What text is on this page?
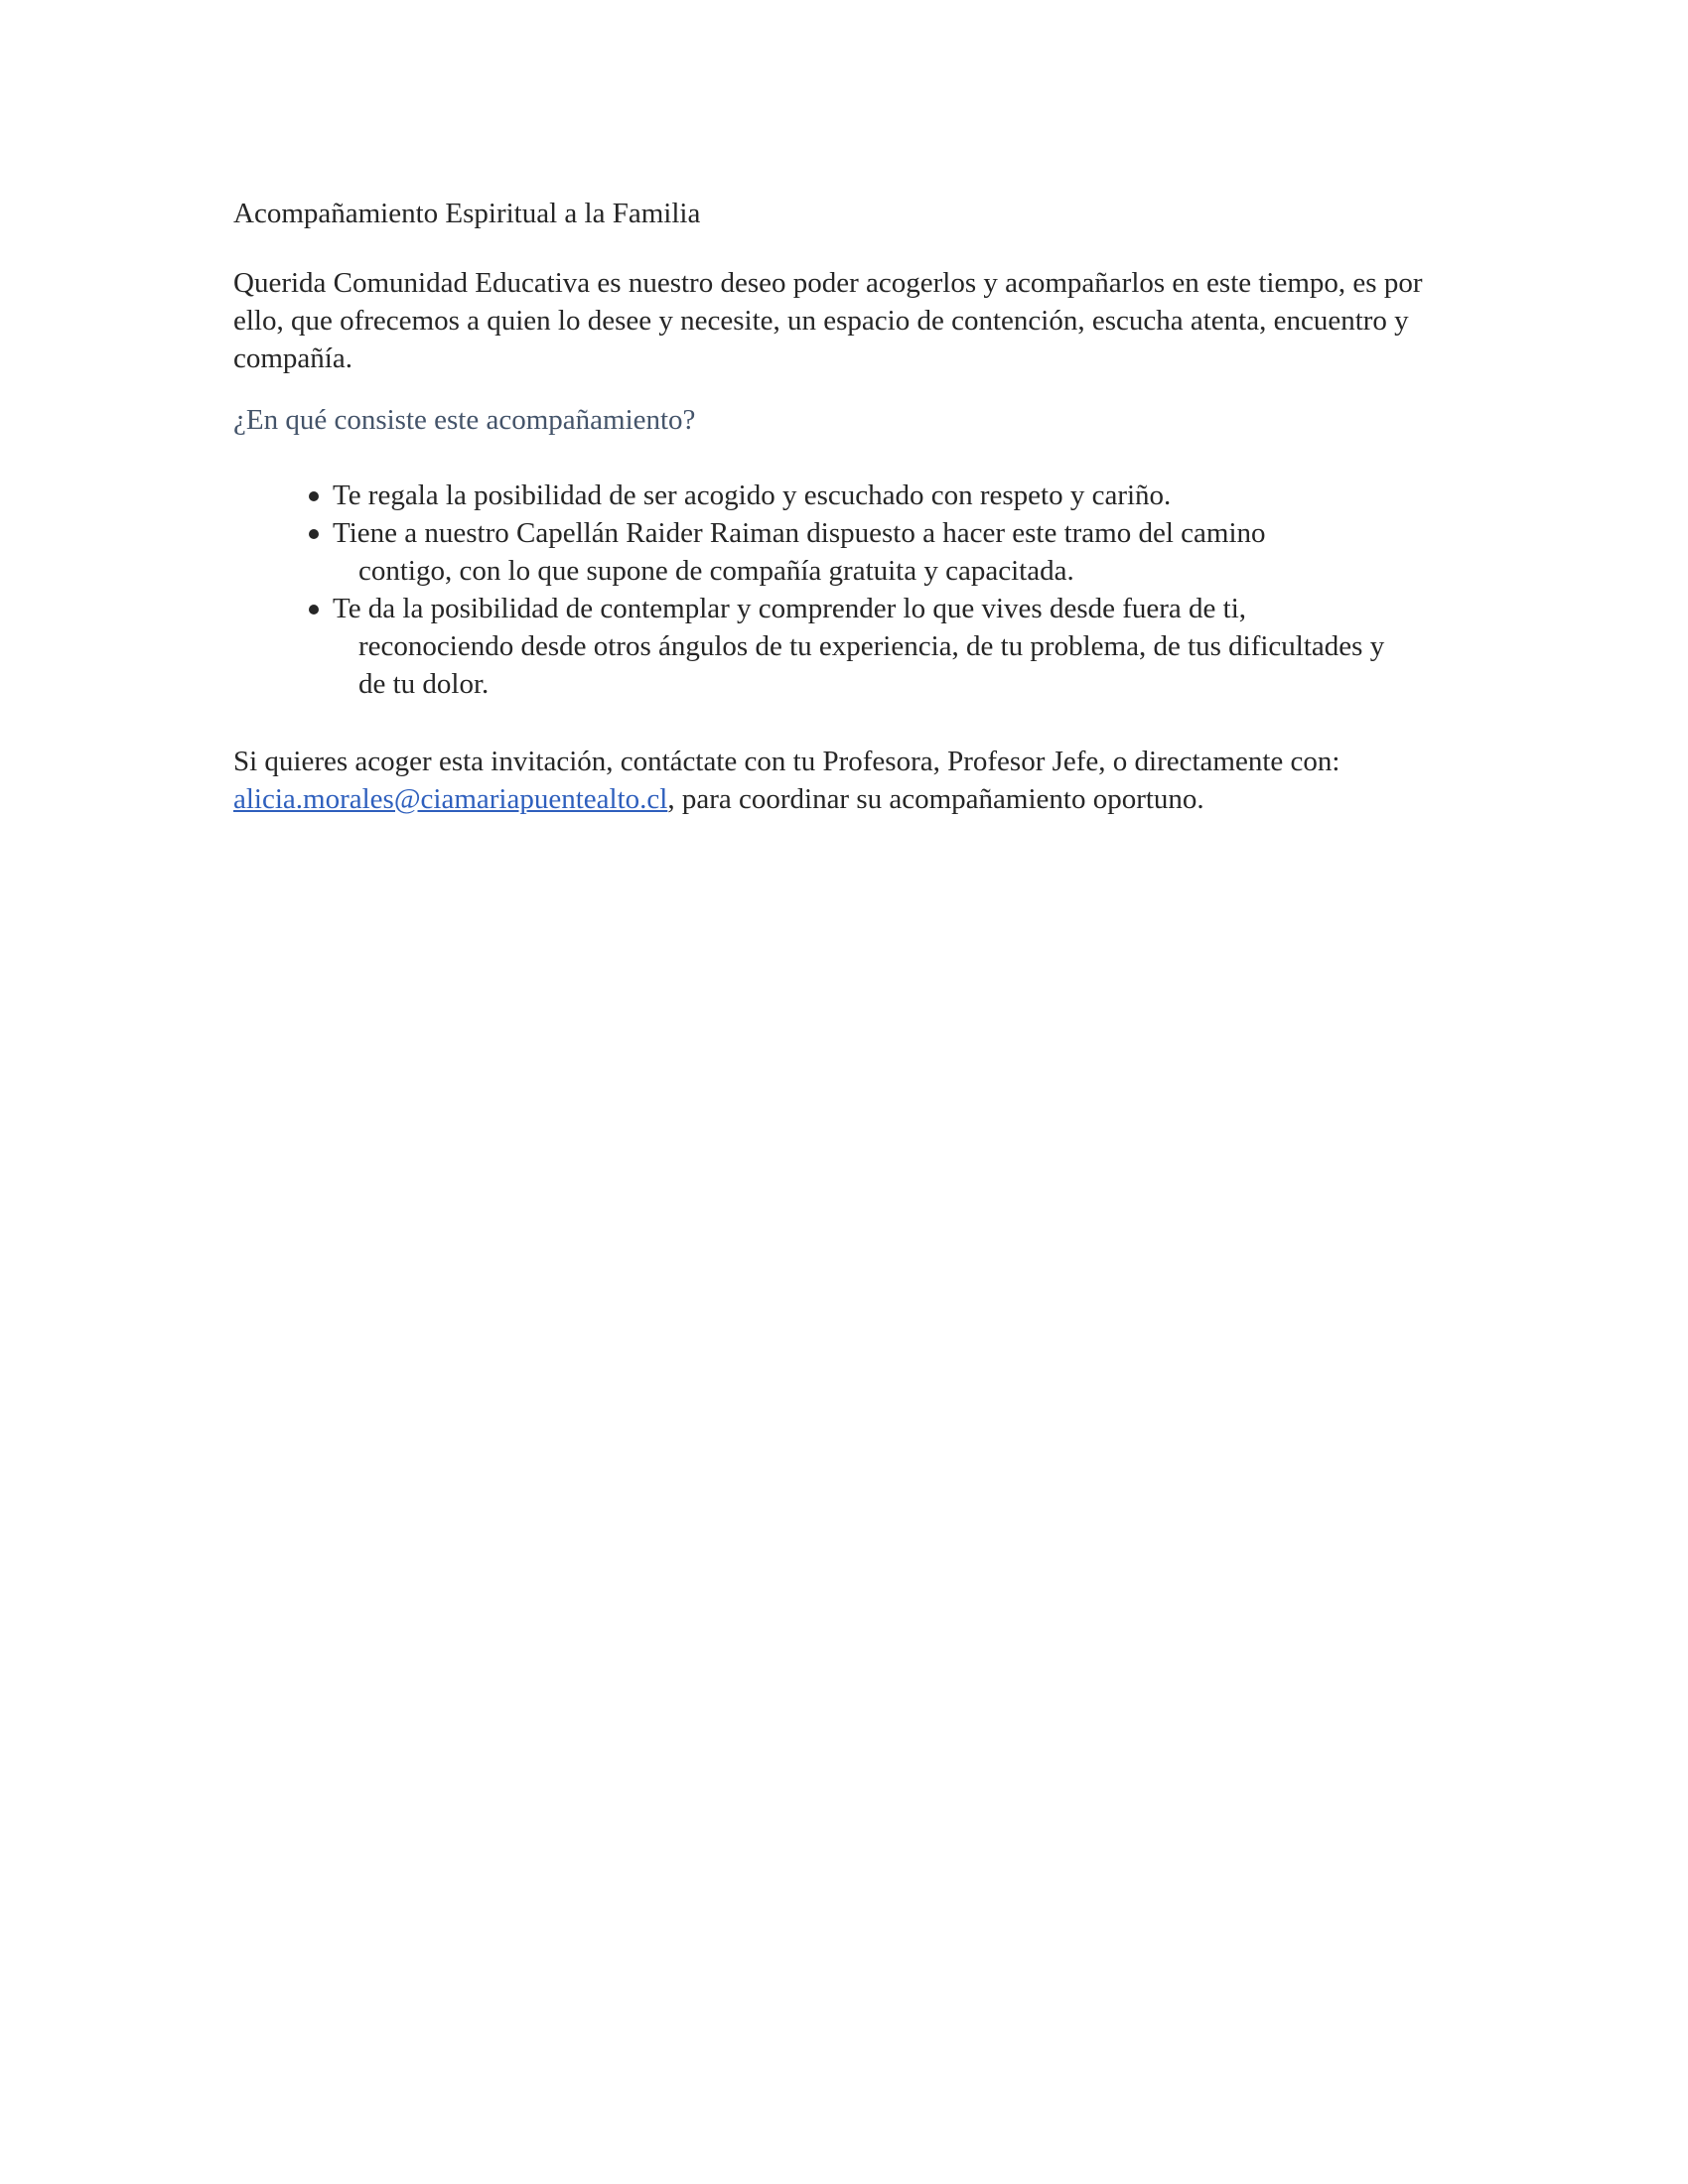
Acompañamiento Espiritual a la Familia

Querida Comunidad Educativa es nuestro deseo poder acogerlos y acompañarlos en este tiempo, es por ello, que ofrecemos a quien lo desee y necesite, un espacio de contención, escucha atenta, encuentro y compañía.

¿En qué consiste este acompañamiento?
Te regala la posibilidad de ser acogido y escuchado con respeto y cariño.
Tiene a nuestro Capellán Raider Raiman dispuesto a hacer este tramo del camino
contigo, con lo que supone de compañía gratuita y capacitada.
Te da la posibilidad de contemplar y comprender lo que vives desde fuera de ti,
reconociendo desde otros ángulos de tu experiencia, de tu problema, de tus dificultades y de tu dolor.

Si quieres acoger esta invitación, contáctate con tu Profesora, Profesor Jefe, o directamente con: alicia.morales@ciamariapuentealto.cl, para coordinar su acompañamiento oportuno.
